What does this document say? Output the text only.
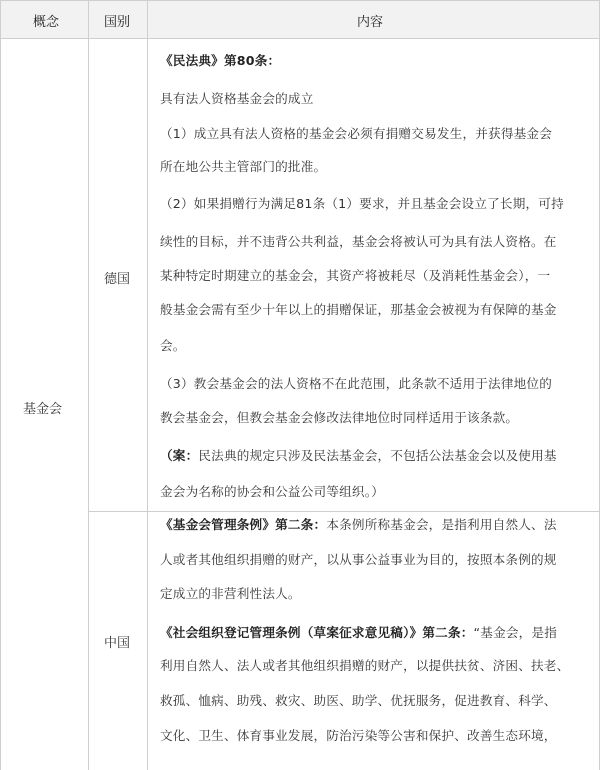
概念	国别	内容
基金会
德国
中国
《民法典》第80条：
具有法人资格基金会的成立
（1）成立具有法人资格的基金会必须有捐赠交易发生，并获得基金会
所在地公共主管部门的批准。
（2）如果捐赠行为满足81条（1）要求，并且基金会设立了长期，可持
续性的目标，并不违背公共利益，基金会将被认可为具有法人资格。在
某种特定时期建立的基金会，其资产将被耗尽（及消耗性基金会），一
般基金会需有至少十年以上的捐赠保证，那基金会被视为有保障的基金
会。
（3）教会基金会的法人资格不在此范围，此条款不适用于法律地位的
教会基金会，但教会基金会修改法律地位时同样适用于该条款。
（案：民法典的规定只涉及民法基金会，不包括公法基金会以及使用基
金会为名称的协会和公益公司等组织。）
《基金会管理条例》第二条：本条例所称基金会，是指利用自然人、法
人或者其他组织捐赠的财产，以从事公益事业为目的，按照本条例的规
定成立的非营利性法人。
《社会组织登记管理条例（草案征求意见稿）》第二条：“基金会，是指
利用自然人、法人或者其他组织捐赠的财产，以提供扶贫、济困、扶老、
救孤、恤病、助残、救灾、助医、助学、优抚服务，促进教育、科学、
文化、卫生、体育事业发展，防治污染等公害和保护、改善生态环境，
